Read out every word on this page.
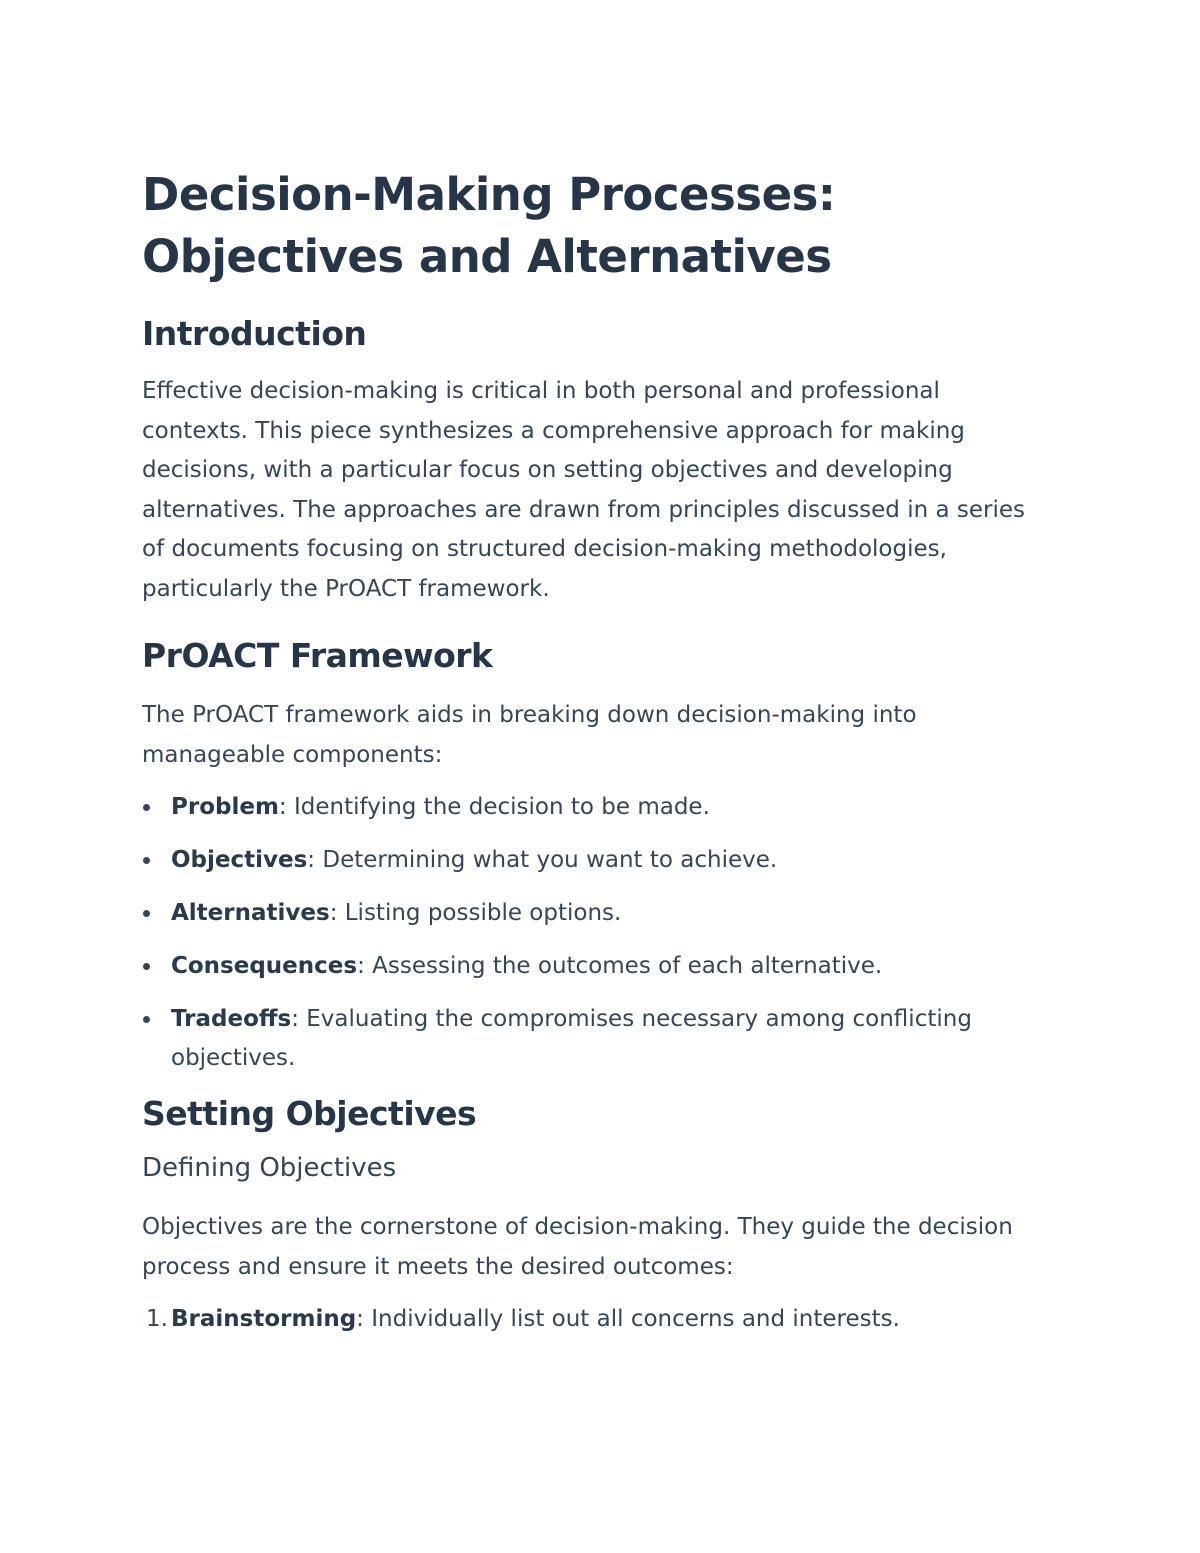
Decision-Making Processes: Objectives and Alternatives
Introduction

Effective decision-making is critical in both personal and professional contexts. This piece synthesizes a comprehensive approach for making decisions, with a particular focus on setting objectives and developing alternatives. The approaches are drawn from principles discussed in a series of documents focusing on structured decision-making methodologies, particularly the PrOACT framework.

PrOACT Framework

The PrOACT framework aids in breaking down decision-making into manageable components:

Problem: Identifying the decision to be made.
Objectives: Determining what you want to achieve.
Alternatives: Listing possible options.
Consequences: Assessing the outcomes of each alternative.
Tradeoffs: Evaluating the compromises necessary among conflicting objectives.
Setting Objectives
Defining Objectives

Objectives are the cornerstone of decision-making. They guide the decision process and ensure it meets the desired outcomes:

1. Brainstorming: Individually list out all concerns and interests.
